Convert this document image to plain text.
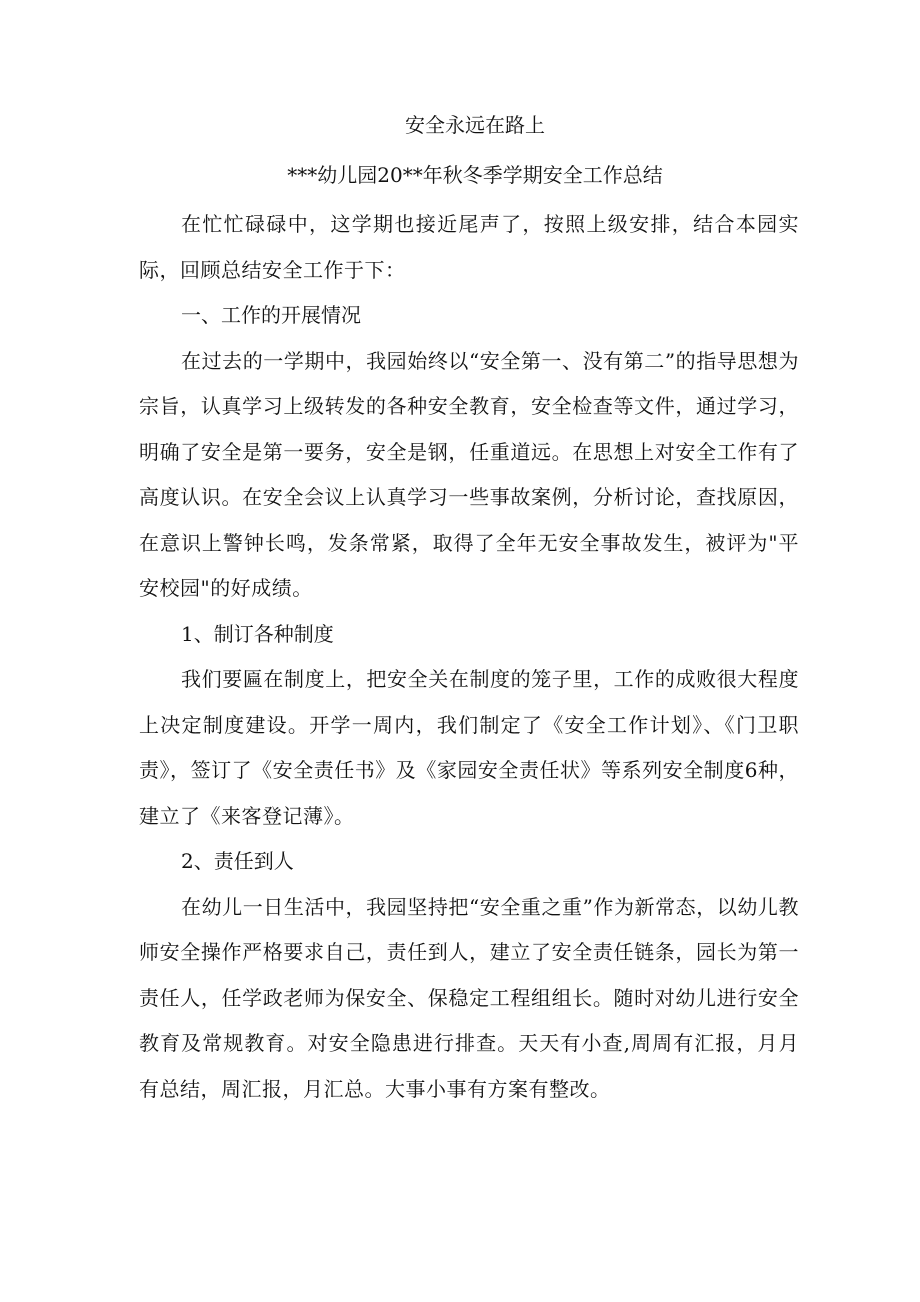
安全永远在路上

***幼儿园20**年秋冬季学期安全工作总结

在忙忙碌碌中，这学期也接近尾声了，按照上级安排，结合本园实际，回顾总结安全工作于下：

一、工作的开展情况

在过去的一学期中，我园始终以“安全第一、没有第二”的指导思想为宗旨，认真学习上级转发的各种安全教育，安全检查等文件，通过学习，明确了安全是第一要务，安全是钢，任重道远。在思想上对安全工作有了高度认识。在安全会议上认真学习一些事故案例，分析讨论，查找原因，在意识上警钟长鸣，发条常紧，取得了全年无安全事故发生，被评为"平安校园"的好成绩。

1、制订各种制度

我们要匾在制度上，把安全关在制度的笼子里，工作的成败很大程度上决定制度建设。开学一周内，我们制定了《安全工作计划》、《门卫职责》，签订了《安全责任书》及《家园安全责任状》等系列安全制度6种，建立了《来客登记薄》。

2、责任到人

在幼儿一日生活中，我园坚持把“安全重之重”作为新常态，以幼儿教师安全操作严格要求自己，责任到人，建立了安全责任链条，园长为第一责任人，任学政老师为保安全、保稳定工程组组长。随时对幼儿进行安全教育及常规教育。对安全隐患进行排查。天天有小查,周周有汇报，月月有总结，周汇报，月汇总。大事小事有方案有整改。
